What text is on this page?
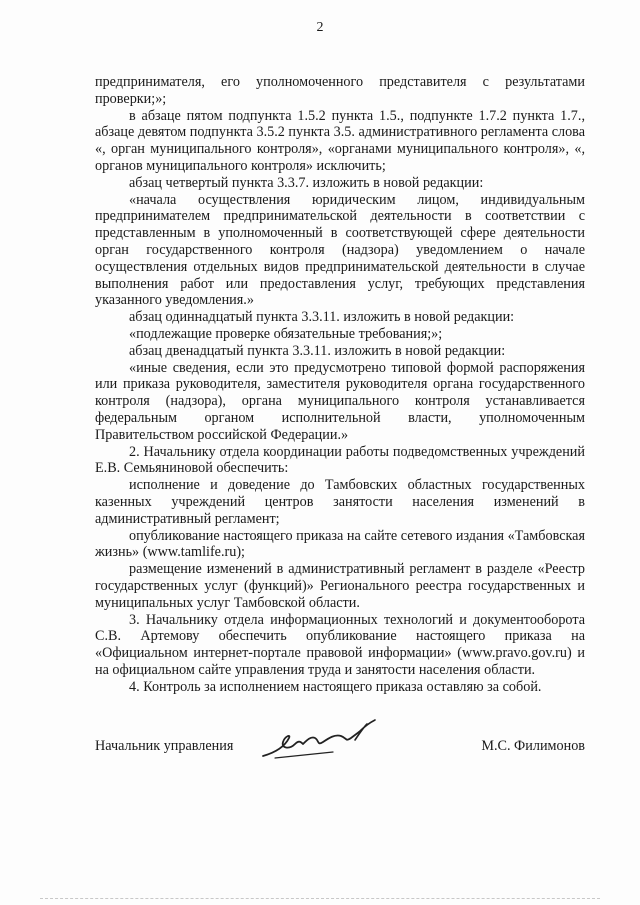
2

предпринимателя, его уполномоченного представителя с результатами проверки;»;

в абзаце пятом подпункта 1.5.2 пункта 1.5., подпункте 1.7.2 пункта 1.7., абзаце девятом подпункта 3.5.2 пункта 3.5. административного регламента слова «, орган муниципального контроля», «органами муниципального контроля», «, органов муниципального контроля» исключить;

абзац четвертый пункта 3.3.7. изложить в новой редакции:

«начала осуществления юридическим лицом, индивидуальным предпринимателем предпринимательской деятельности в соответствии с представленным в уполномоченный в соответствующей сфере деятельности орган государственного контроля (надзора) уведомлением о начале осуществления отдельных видов предпринимательской деятельности в случае выполнения работ или предоставления услуг, требующих представления указанного уведомления.»

абзац одиннадцатый пункта 3.3.11. изложить в новой редакции:

«подлежащие проверке обязательные требования;»;

абзац двенадцатый пункта 3.3.11. изложить в новой редакции:

«иные сведения, если это предусмотрено типовой формой распоряжения или приказа руководителя, заместителя руководителя органа государственного контроля (надзора), органа муниципального контроля устанавливается федеральным органом исполнительной власти, уполномоченным Правительством российской Федерации.»

2. Начальнику отдела координации работы подведомственных учреждений Е.В. Семьяниновой обеспечить:

исполнение и доведение до Тамбовских областных государственных казенных учреждений центров занятости населения изменений в административный регламент;

опубликование настоящего приказа на сайте сетевого издания «Тамбовская жизнь» (www.tamlife.ru);

размещение изменений в административный регламент в разделе «Реестр государственных услуг (функций)» Регионального реестра государственных и муниципальных услуг Тамбовской области.

3. Начальнику отдела информационных технологий и документооборота С.В. Артемову обеспечить опубликование настоящего приказа на «Официальном интернет-портале правовой информации» (www.pravo.gov.ru) и на официальном сайте управления труда и занятости населения области.

4. Контроль за исполнением настоящего приказа оставляю за собой.

Начальник управления	М.С. Филимонов
